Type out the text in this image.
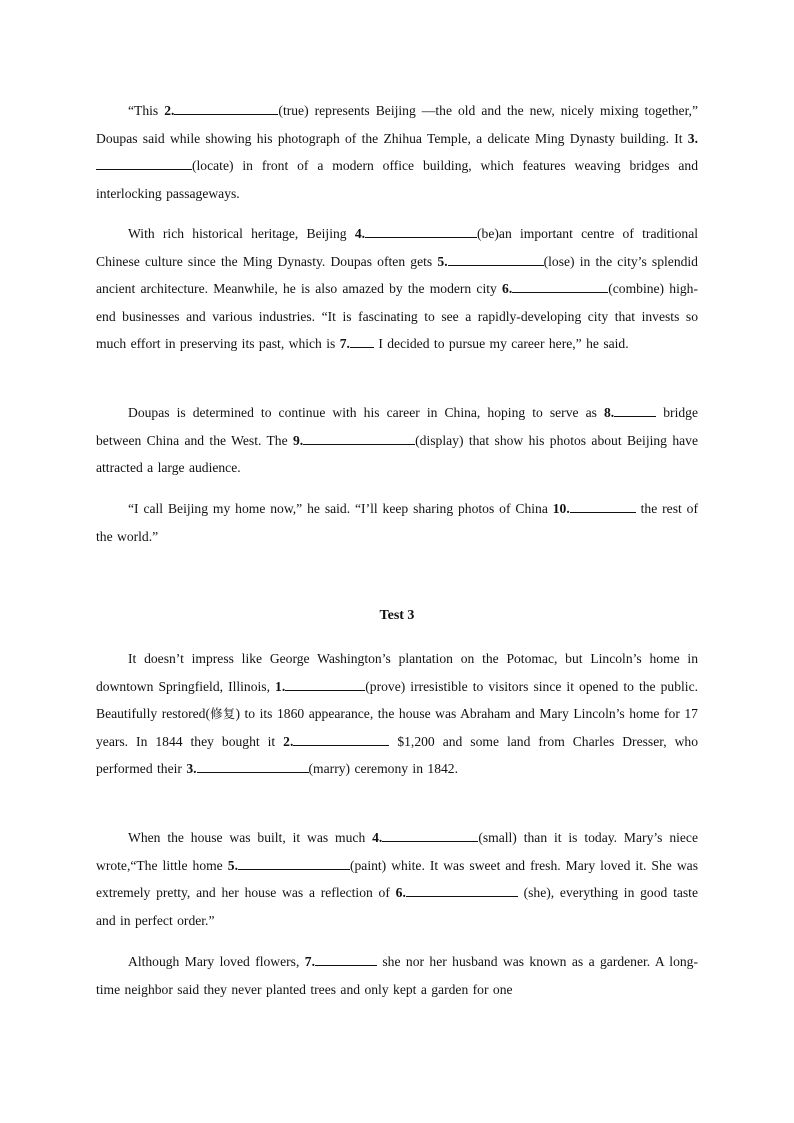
“This 2.	(true) represents Beijing —the old and the new, nicely mixing together,” Doupas said while showing his photograph of the Zhihua Temple, a delicate Ming Dynasty building. It 3.(locate) in front of a modern office building, which features weaving bridges and interlocking passageways.

With rich historical heritage, Beijing 4.	(be)an important centre of traditional Chinese culture since the Ming Dynasty. Doupas often gets 5.	(lose) in the city’s splendid ancient architecture. Meanwhile, he is also amazed by the modern city 6.	(combine) high-end businesses and various industries. “It is fascinating to see a rapidly-developing city that invests so much effort in preserving its past, which is 7. I decided to pursue my career here,” he said.

Doupas is determined to continue with his career in China, hoping to serve as 8.	bridge between China and the West. The 9.	(display) that show his photos about Beijing have attracted a large audience.

“I call Beijing my home now,” he said. “I’ll keep sharing photos of China 10.	the rest of the world.”

Test 3

It doesn’t impress like George Washington’s plantation on the Potomac, but Lincoln’s home in downtown Springfield, Illinois, 1.	(prove) irresistible to visitors since it opened to the public. Beautifully restored(修复) to its 1860 appearance, the house was Abraham and Mary Lincoln’s home for 17 years. In 1844 they bought it 2.	$1,200 and some land from Charles Dresser, who performed their 3.	(marry) ceremony in 1842.

When the house was built, it was much 4.	(small) than it is today. Mary’s niece wrote,“The little home 5.	(paint) white. It was sweet and fresh. Mary loved it. She was extremely pretty, and her house was a reflection of 6.	(she), everything in good taste and in perfect order.”

Although Mary loved flowers, 7.	she nor her husband was known as a gardener. A long-time neighbor said they never planted trees and only kept a garden for one
